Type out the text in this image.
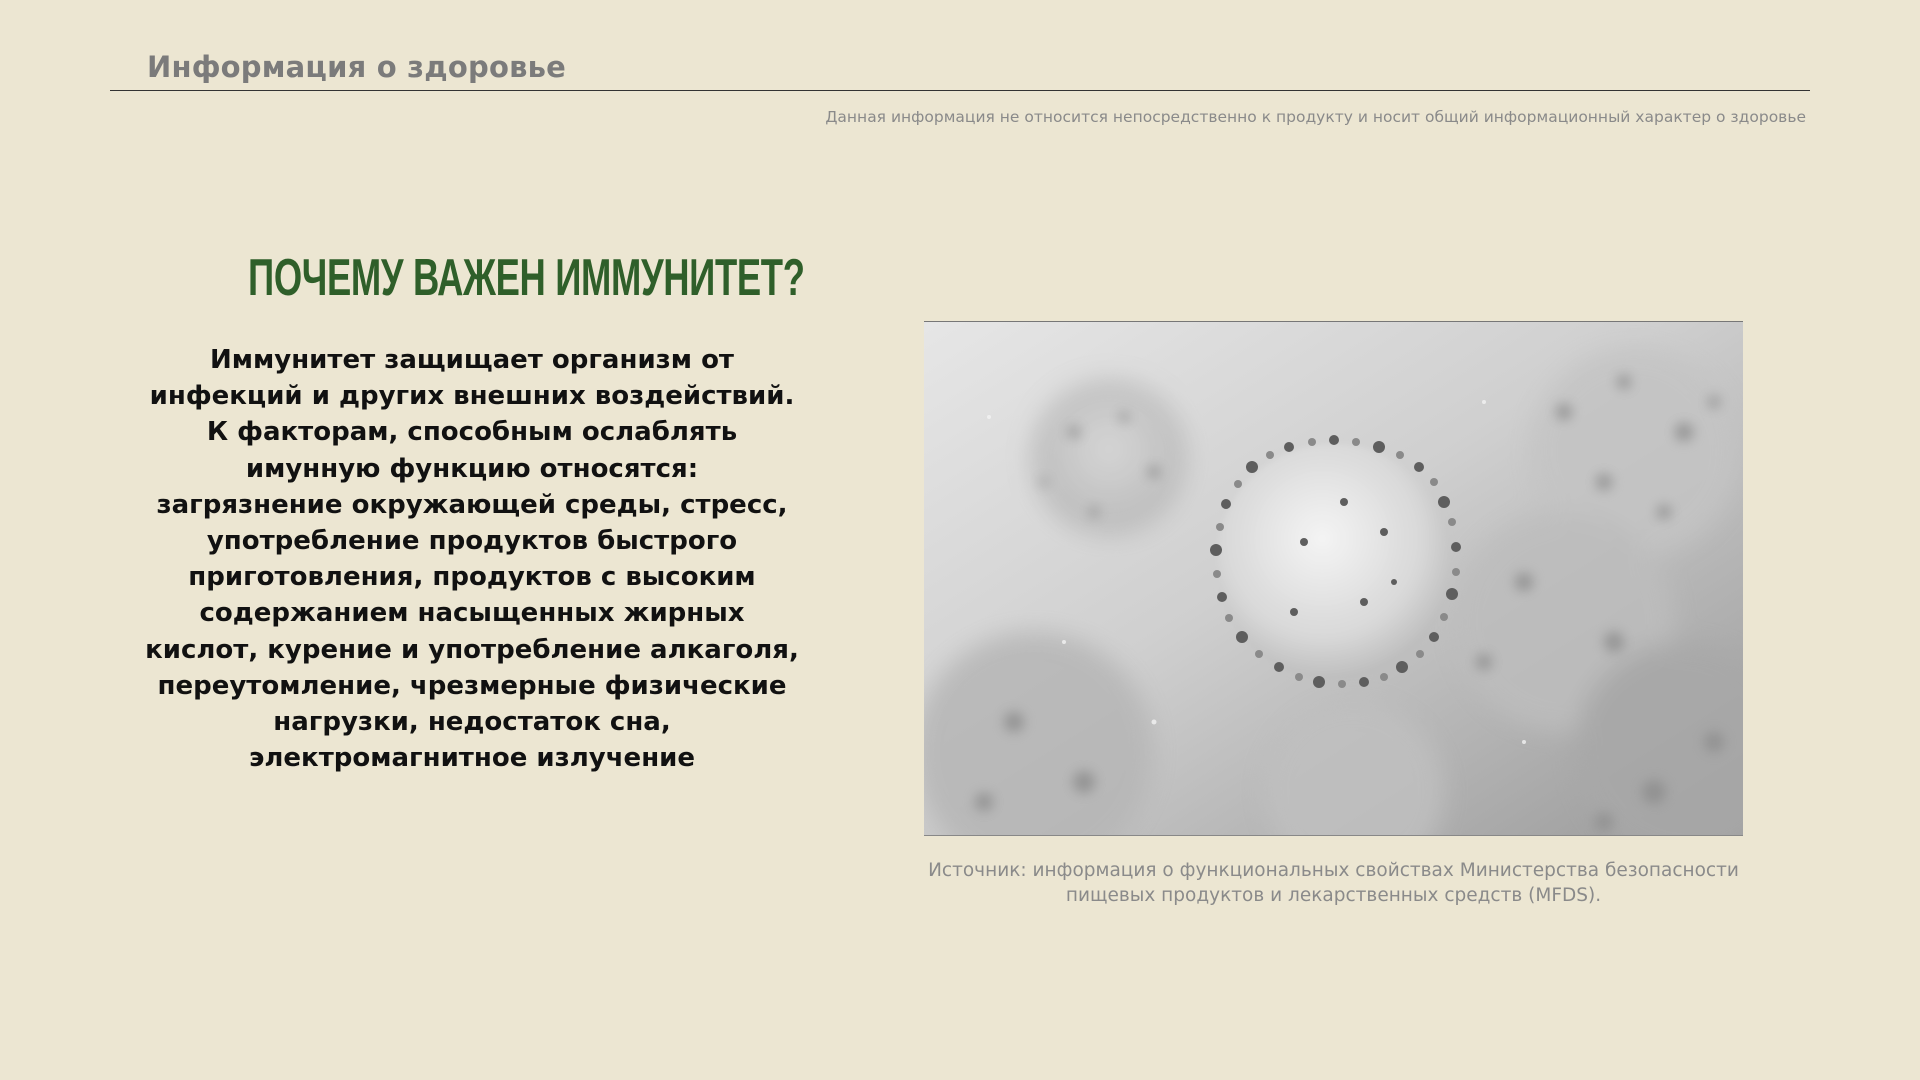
Информация о здоровье
Данная информация не относится непосредственно к продукту и носит общий информационный характер о здоровье
ПОЧЕМУ ВАЖЕН ИММУНИТЕТ?
Иммунитет защищает организм от
инфекций и других внешних воздействий.
К факторам, способным ослаблять
имунную функцию относятся:
загрязнение окружающей среды, стресс,
употребление продуктов быстрого
приготовления, продуктов с высоким
содержанием насыщенных жирных
кислот, курение и употребление алкаголя,
переутомление, чрезмерные физические
нагрузки, недостаток сна,
электромагнитное излучение
Источник: информация о функциональных свойствах Министерства безопасности
пищевых продуктов и лекарственных средств (MFDS).
